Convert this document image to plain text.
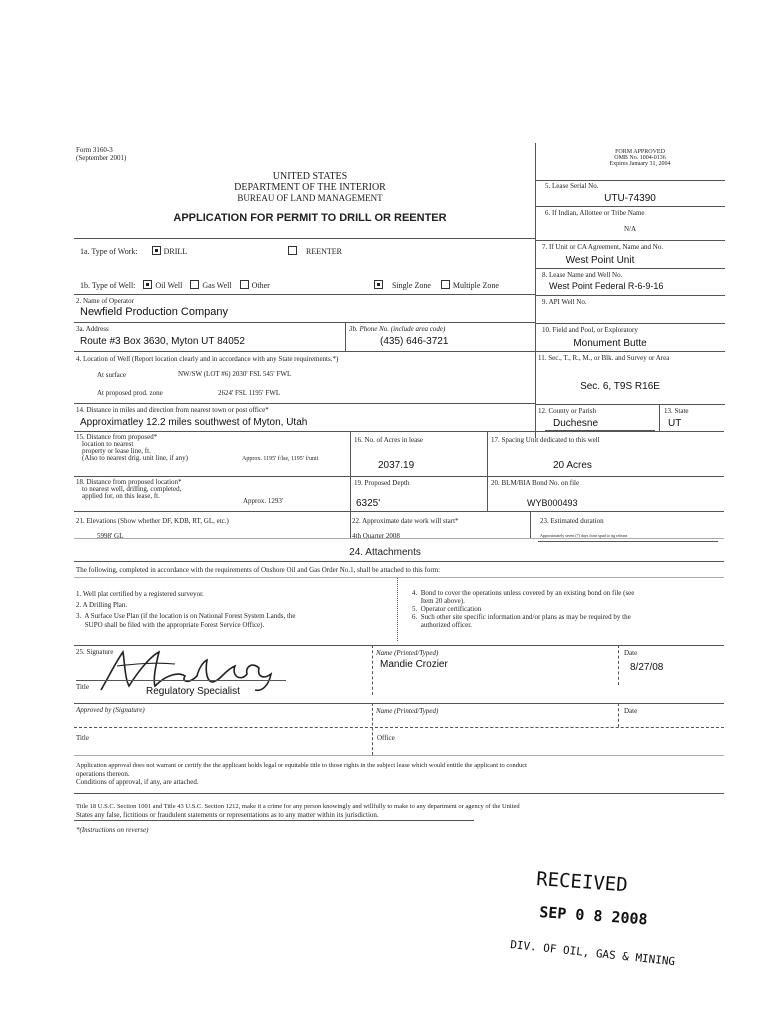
Form 3160-3
(September 2001)
FORM APPROVED
OMB No. 1004-0136
Expires January 31, 2004
UNITED STATES
DEPARTMENT OF THE INTERIOR
BUREAU OF LAND MANAGEMENT
APPLICATION FOR PERMIT TO DRILL OR REENTER
5. Lease Serial No.
UTU-74390
6. If Indian, Allottee or Tribe Name
N/A
7. If Unit or CA Agreement, Name and No.
West Point Unit
8. Lease Name and Well No.
West Point Federal R-6-9-16
9. API Well No.
10. Field and Pool, or Exploratory
Monument Butte
11. Sec., T., R., M., or Blk. and Survey or Area
Sec. 6, T9S R16E
12. County or Parish
Duchesne
13. State
UT
1a. Type of Work:	DRILL	REENTER
1b. Type of Well:	Oil Well	Gas Well	Other	Single Zone	Multiple Zone
2. Name of Operator
Newfield Production Company
3a. Address
Route #3 Box 3630, Myton UT 84052
3b. Phone No. (include area code)
(435) 646-3721
4. Location of Well (Report location clearly and in accordance with any State requirements.*)
At surface	NW/SW (LOT #6) 2030' FSL 545' FWL
At proposed prod. zone	2624' FSL 1195' FWL
14. Distance in miles and direction from nearest town or post office*
Approximatley 12.2 miles southwest of Myton, Utah
15. Distance from proposed*
location to nearest
property or lease line, ft.
(Also to nearest drig. unit line, if any)	Approx. 1195' f/lse, 1195' f/unit
16. No. of Acres in lease
2037.19
17. Spacing Unit dedicated to this well
20 Acres
18. Distance from proposed location*
to nearest well, drilling, completed,
applied for, on this lease, ft.
Approx. 1293'
19. Proposed Depth
6325'
20. BLM/BIA Bond No. on file
WYB000493
21. Elevations (Show whether DF, KDB, RT, GL, etc.)
5998' GL
22. Approximate date work will start*
4th Quarter 2008
23. Estimated duration
Approximately seven (7) days from spud to rig release.
24. Attachments
The following, completed in accordance with the requirements of Onshore Oil and Gas Order No.1, shall be attached to this form:
1. Well plat certified by a registered surveyor.
2. A Drilling Plan.
3.  A Surface Use Plan (if the location is on National Forest System Lands, the
SUPO shall be filed with the appropriate Forest Service Office).
4.  Bond to cover the operations unless covered by an existing bond on file (see
Item 20 above).
5.  Operator certification
6.  Such other site specific information and/or plans as may be required by the
authorized officer.
25. Signature	Name (Printed/Typed)
Mandie Crozier
Date
8/27/08
Title	Regulatory Specialist
Approved by (Signature)	Name (Printed/Typed)	Date
Title	Office
Application approval does not warrant or certify the the applicant holds legal or equitable title to those rights in the subject lease which would entitle the applicant to conduct
operations thereon.
Conditions of approval, if any, are attached.
Title 18 U.S.C. Section 1001 and Title 43 U.S.C. Section 1212, make it a crime for any person knowingly and willfully to make to any department or agency of the United
States any false, fictitious or fraudulent statements or representations as to any matter within its jurisdiction.
*(Instructions on reverse)
RECEIVED
SEP 0 8 2008
DIV. OF OIL, GAS & MINING
